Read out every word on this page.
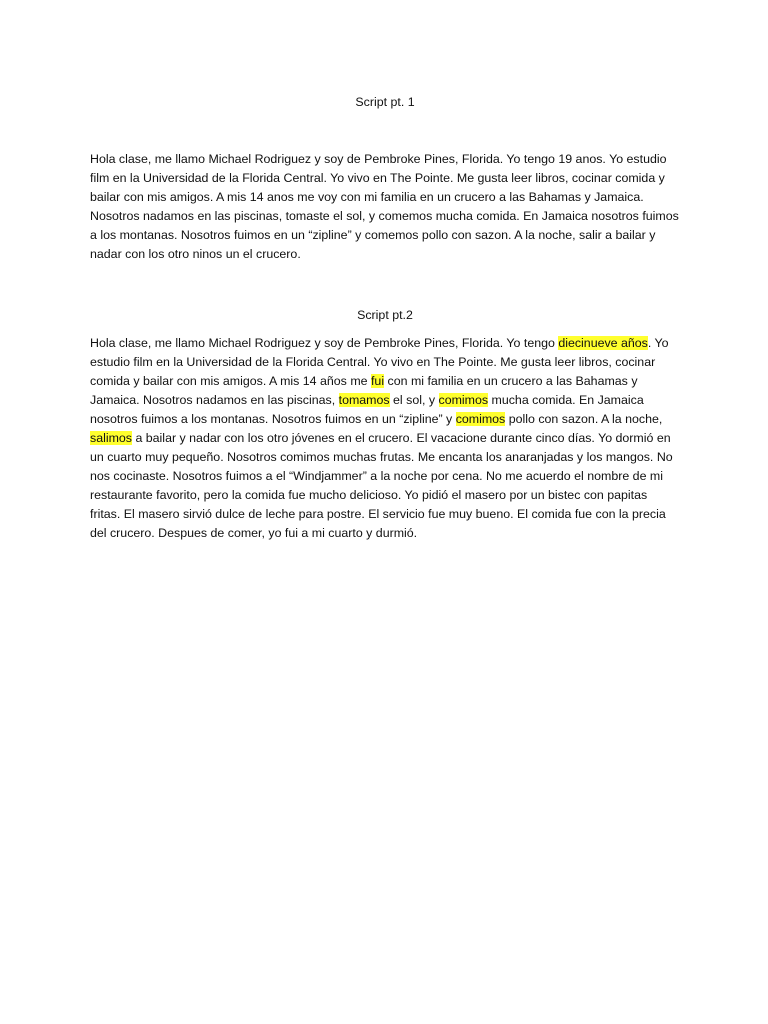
Script pt. 1

Hola clase, me llamo Michael Rodriguez y soy de Pembroke Pines, Florida. Yo tengo 19 anos. Yo estudio film en la Universidad de la Florida Central. Yo vivo en The Pointe. Me gusta leer libros, cocinar comida y bailar con mis amigos. A mis 14 anos me voy con mi familia en un crucero a las Bahamas y Jamaica. Nosotros nadamos en las piscinas, tomaste el sol, y comemos mucha comida. En Jamaica nosotros fuimos a los montanas. Nosotros fuimos en un “zipline” y comemos pollo con sazon. A la noche, salir a bailar y nadar con los otro ninos un el crucero.

Script pt.2

Hola clase, me llamo Michael Rodriguez y soy de Pembroke Pines, Florida. Yo tengo diecinueve años. Yo estudio film en la Universidad de la Florida Central. Yo vivo en The Pointe. Me gusta leer libros, cocinar comida y bailar con mis amigos. A mis 14 años me fui con mi familia en un crucero a las Bahamas y Jamaica. Nosotros nadamos en las piscinas, tomamos el sol, y comimos mucha comida. En Jamaica nosotros fuimos a los montanas. Nosotros fuimos en un “zipline” y comimos pollo con sazon. A la noche, salimos a bailar y nadar con los otro jóvenes en el crucero. El vacacione durante cinco días. Yo dormió en un cuarto muy pequeño. Nosotros comimos muchas frutas. Me encanta los anaranjadas y los mangos. No nos cocinaste. Nosotros fuimos a el “Windjammer” a la noche por cena. No me acuerdo el nombre de mi restaurante favorito, pero la comida fue mucho delicioso. Yo pidió el masero por un bistec con papitas fritas. El masero sirvió dulce de leche para postre. El servicio fue muy bueno. El comida fue con la precia del crucero. Despues de comer, yo fui a mi cuarto y durmió.
